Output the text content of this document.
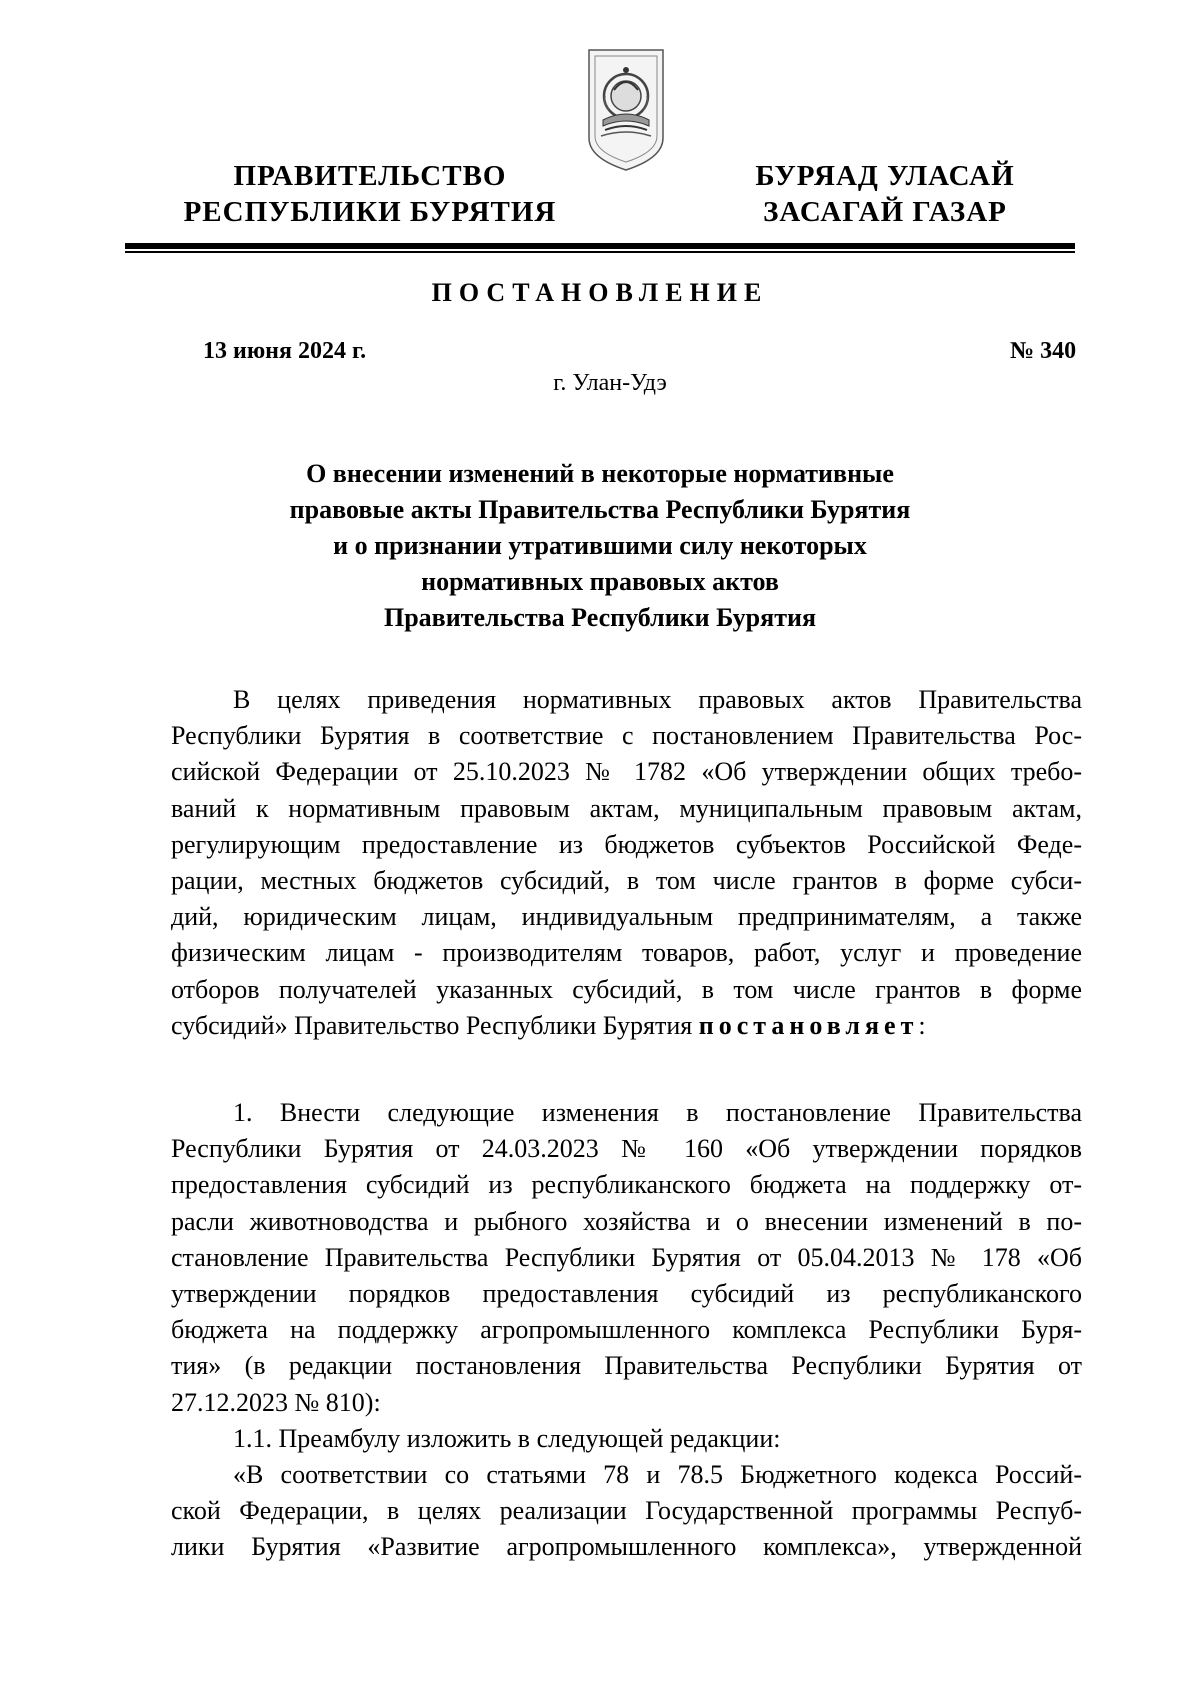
ПРАВИТЕЛЬСТВО
РЕСПУБЛИКИ БУРЯТИЯ
БУРЯАД УЛАСАЙ
ЗАСАГАЙ ГАЗАР
ПОСТАНОВЛЕНИЕ
13 июня 2024 г.	№ 340
г. Улан-Удэ
О внесении изменений в некоторые нормативные
правовые акты Правительства Республики Бурятия
и о признании утратившими силу некоторых
нормативных правовых актов
Правительства Республики Бурятия
В целях приведения нормативных правовых актов Правительства
Республики Бурятия в соответствие с постановлением Правительства Рос-
сийской Федерации от 25.10.2023 № 1782 «Об утверждении общих требо-
ваний к нормативным правовым актам, муниципальным правовым актам,
регулирующим предоставление из бюджетов субъектов Российской Феде-
рации, местных бюджетов субсидий, в том числе грантов в форме субси-
дий, юридическим лицам, индивидуальным предпринимателям, а также
физическим лицам - производителям товаров, работ, услуг и проведение
отборов получателей указанных субсидий, в том числе грантов в форме
субсидий» Правительство Республики Бурятия постановляет:
1. Внести следующие изменения в постановление Правительства
Республики Бурятия от 24.03.2023 № 160 «Об утверждении порядков
предоставления субсидий из республиканского бюджета на поддержку от-
расли животноводства и рыбного хозяйства и о внесении изменений в по-
становление Правительства Республики Бурятия от 05.04.2013 № 178 «Об
утверждении порядков предоставления субсидий из республиканского
бюджета на поддержку агропромышленного комплекса Республики Буря-
тия» (в редакции постановления Правительства Республики Бурятия от
27.12.2023 № 810):
1.1. Преамбулу изложить в следующей редакции:
«В соответствии со статьями 78 и 78.5 Бюджетного кодекса Россий-
ской Федерации, в целях реализации Государственной программы Респуб-
лики Бурятия «Развитие агропромышленного комплекса», утвержденной
